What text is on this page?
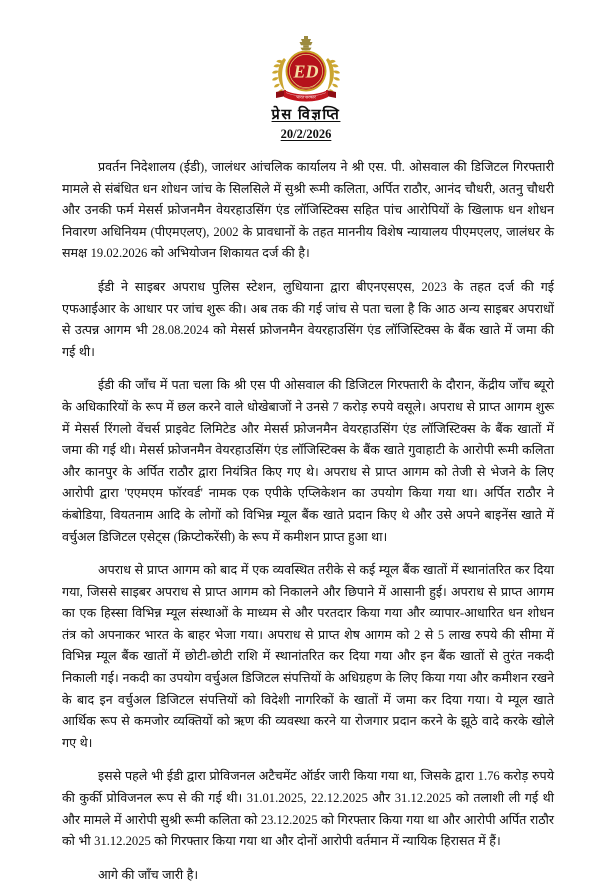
ED
भारत सरकार
प्रेस विज्ञप्ति
20/2/2026

प्रवर्तन निदेशालय (ईडी), जालंधर आंचलिक कार्यालय ने श्री एस. पी. ओसवाल की डिजिटल गिरफ्तारी मामले से संबंधित धन शोधन जांच के सिलसिले में सुश्री रूमी कलिता, अर्पित राठौर, आनंद चौधरी, अतनु चौधरी और उनकी फर्म मेसर्स फ्रोजनमैन वेयरहाउसिंग एंड लॉजिस्टिक्स सहित पांच आरोपियों के खिलाफ धन शोधन निवारण अधिनियम (पीएमएलए), 2002 के प्रावधानों के तहत माननीय विशेष न्यायालय पीएमएलए, जालंधर के समक्ष 19.02.2026 को अभियोजन शिकायत दर्ज की है।

ईडी ने साइबर अपराध पुलिस स्टेशन, लुधियाना द्वारा बीएनएसएस, 2023 के तहत दर्ज की गई एफआईआर के आधार पर जांच शुरू की। अब तक की गई जांच से पता चला है कि आठ अन्य साइबर अपराधों से उत्पन्न आगम भी 28.08.2024 को मेसर्स फ्रोजनमैन वेयरहाउसिंग एंड लॉजिस्टिक्स के बैंक खाते में जमा की गई थी।

ईडी की जाँच में पता चला कि श्री एस पी ओसवाल की डिजिटल गिरफ्तारी के दौरान, केंद्रीय जाँच ब्यूरो के अधिकारियों के रूप में छल करने वाले धोखेबाजों ने उनसे 7 करोड़ रुपये वसूले। अपराध से प्राप्त आगम शुरू में मेसर्स रिंगलो वेंचर्स प्राइवेट लिमिटेड और मेसर्स फ्रोजनमैन वेयरहाउसिंग एंड लॉजिस्टिक्स के बैंक खातों में जमा की गई थी। मेसर्स फ्रोजनमैन वेयरहाउसिंग एंड लॉजिस्टिक्स के बैंक खाते गुवाहाटी के आरोपी रूमी कलिता और कानपुर के अर्पित राठौर द्वारा नियंत्रित किए गए थे। अपराध से प्राप्त आगम को तेजी से भेजने के लिए आरोपी द्वारा 'एएमएम फॉरवर्ड' नामक एक एपीके एप्लिकेशन का उपयोग किया गया था। अर्पित राठौर ने कंबोडिया, वियतनाम आदि के लोगों को विभिन्न म्यूल बैंक खाते प्रदान किए थे और उसे अपने बाइनेंस खाते में वर्चुअल डिजिटल एसेट्स (क्रिप्टोकरेंसी) के रूप में कमीशन प्राप्त हुआ था।

अपराध से प्राप्त आगम को बाद में एक व्यवस्थित तरीके से कई म्यूल बैंक खातों में स्थानांतरित कर दिया गया, जिससे साइबर अपराध से प्राप्त आगम को निकालने और छिपाने में आसानी हुई। अपराध से प्राप्त आगम का एक हिस्सा विभिन्न म्यूल संस्थाओं के माध्यम से और परतदार किया गया और व्यापार-आधारित धन शोधन तंत्र को अपनाकर भारत के बाहर भेजा गया। अपराध से प्राप्त शेष आगम को 2 से 5 लाख रुपये की सीमा में विभिन्न म्यूल बैंक खातों में छोटी-छोटी राशि में स्थानांतरित कर दिया गया और इन बैंक खातों से तुरंत नकदी निकाली गई। नकदी का उपयोग वर्चुअल डिजिटल संपत्तियों के अधिग्रहण के लिए किया गया और कमीशन रखने के बाद इन वर्चुअल डिजिटल संपत्तियों को विदेशी नागरिकों के खातों में जमा कर दिया गया। ये म्यूल खाते आर्थिक रूप से कमजोर व्यक्तियों को ऋण की व्यवस्था करने या रोजगार प्रदान करने के झूठे वादे करके खोले गए थे।

इससे पहले भी ईडी द्वारा प्रोविजनल अटैचमेंट ऑर्डर जारी किया गया था, जिसके द्वारा 1.76 करोड़ रुपये की कुर्की प्रोविजनल रूप से की गई थी। 31.01.2025, 22.12.2025 और 31.12.2025 को तलाशी ली गई थी और मामले में आरोपी सुश्री रूमी कलिता को 23.12.2025 को गिरफ्तार किया गया था और आरोपी अर्पित राठौर को भी 31.12.2025 को गिरफ्तार किया गया था और दोनों आरोपी वर्तमान में न्यायिक हिरासत में हैं।

आगे की जाँच जारी है।
